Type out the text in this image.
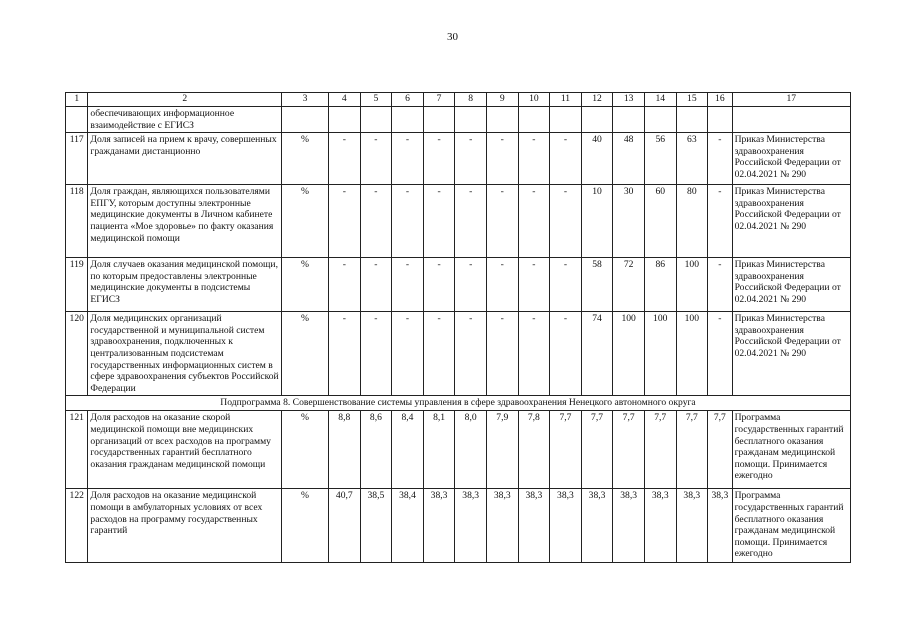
30
1	2	3	4	5	6	7	8	9	10	11	12	13	14	15	16	17
	обеспечивающих информационное взаимодействие с ЕГИСЗ															
117	Доля записей на прием к врачу, совершенных гражданами дистанционно	%	-	-	-	-	-	-	-	-	40	48	56	63	-	Приказ Министерства здравоохранения Российской Федерации от 02.04.2021 № 290
118	Доля граждан, являющихся пользователями ЕПГУ, которым доступны электронные медицинские документы в Личном кабинете пациента «Мое здоровье» по факту оказания медицинской помощи	%	-	-	-	-	-	-	-	-	10	30	60	80	-	Приказ Министерства здравоохранения Российской Федерации от 02.04.2021 № 290
119	Доля случаев оказания медицинской помощи, по которым предоставлены электронные медицинские документы в подсистемы ЕГИСЗ	%	-	-	-	-	-	-	-	-	58	72	86	100	-	Приказ Министерства здравоохранения Российской Федерации от 02.04.2021 № 290
120	Доля медицинских организаций государственной и муниципальной систем здравоохранения, подключенных к централизованным подсистемам государственных информационных систем в сфере здравоохранения субъектов Российской Федерации	%	-	-	-	-	-	-	-	-	74	100	100	100	-	Приказ Министерства здравоохранения Российской Федерации от 02.04.2021 № 290
Подпрограмма 8. Совершенствование системы управления в сфере здравоохранения Ненецкого автономного округа																
121	Доля расходов на оказание скорой медицинской помощи вне медицинских организаций от всех расходов на программу государственных гарантий бесплатного оказания гражданам медицинской помощи	%	8,8	8,6	8,4	8,1	8,0	7,9	7,8	7,7	7,7	7,7	7,7	7,7	7,7	Программа государственных гарантий бесплатного оказания гражданам медицинской помощи. Принимается ежегодно
122	Доля расходов на оказание медицинской помощи в амбулаторных условиях от всех расходов на программу государственных гарантий	%	40,7	38,5	38,4	38,3	38,3	38,3	38,3	38,3	38,3	38,3	38,3	38,3	38,3	Программа государственных гарантий бесплатного оказания гражданам медицинской помощи. Принимается ежегодно
